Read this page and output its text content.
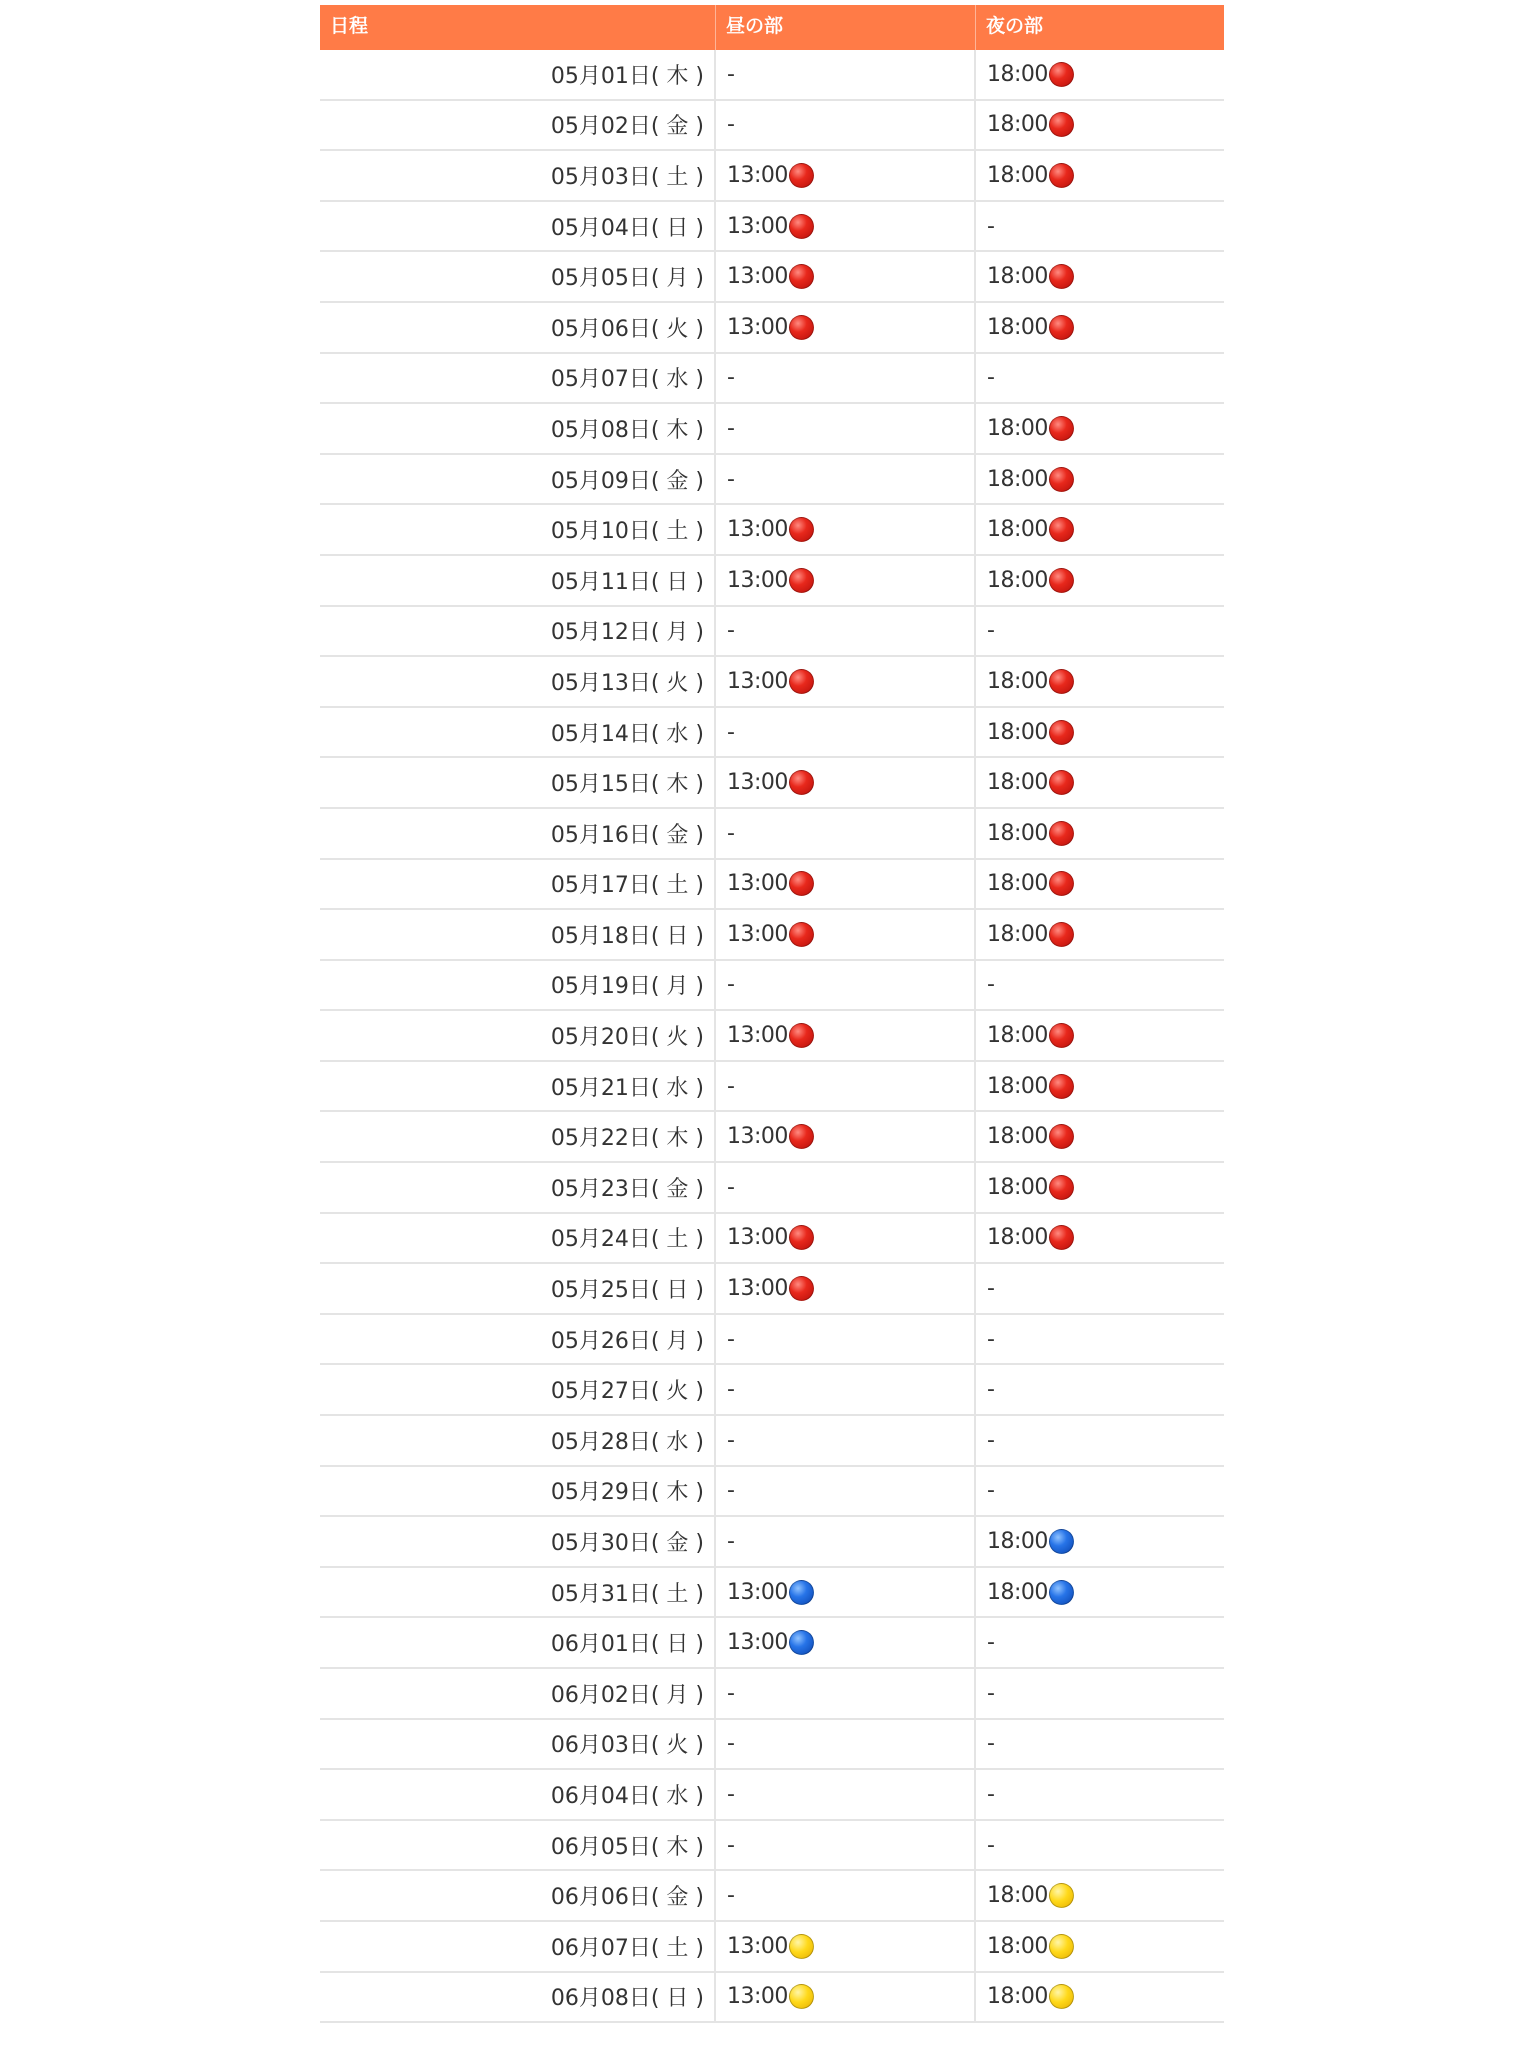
日程	昼の部	夜の部
05月01日( 木 )	-	18:00
05月02日( 金 )	-	18:00
05月03日( 土 )	13:00	18:00
05月04日( 日 )	13:00	-
05月05日( 月 )	13:00	18:00
05月06日( 火 )	13:00	18:00
05月07日( 水 )	-	-
05月08日( 木 )	-	18:00
05月09日( 金 )	-	18:00
05月10日( 土 )	13:00	18:00
05月11日( 日 )	13:00	18:00
05月12日( 月 )	-	-
05月13日( 火 )	13:00	18:00
05月14日( 水 )	-	18:00
05月15日( 木 )	13:00	18:00
05月16日( 金 )	-	18:00
05月17日( 土 )	13:00	18:00
05月18日( 日 )	13:00	18:00
05月19日( 月 )	-	-
05月20日( 火 )	13:00	18:00
05月21日( 水 )	-	18:00
05月22日( 木 )	13:00	18:00
05月23日( 金 )	-	18:00
05月24日( 土 )	13:00	18:00
05月25日( 日 )	13:00	-
05月26日( 月 )	-	-
05月27日( 火 )	-	-
05月28日( 水 )	-	-
05月29日( 木 )	-	-
05月30日( 金 )	-	18:00
05月31日( 土 )	13:00	18:00
06月01日( 日 )	13:00	-
06月02日( 月 )	-	-
06月03日( 火 )	-	-
06月04日( 水 )	-	-
06月05日( 木 )	-	-
06月06日( 金 )	-	18:00
06月07日( 土 )	13:00	18:00
06月08日( 日 )	13:00	18:00
